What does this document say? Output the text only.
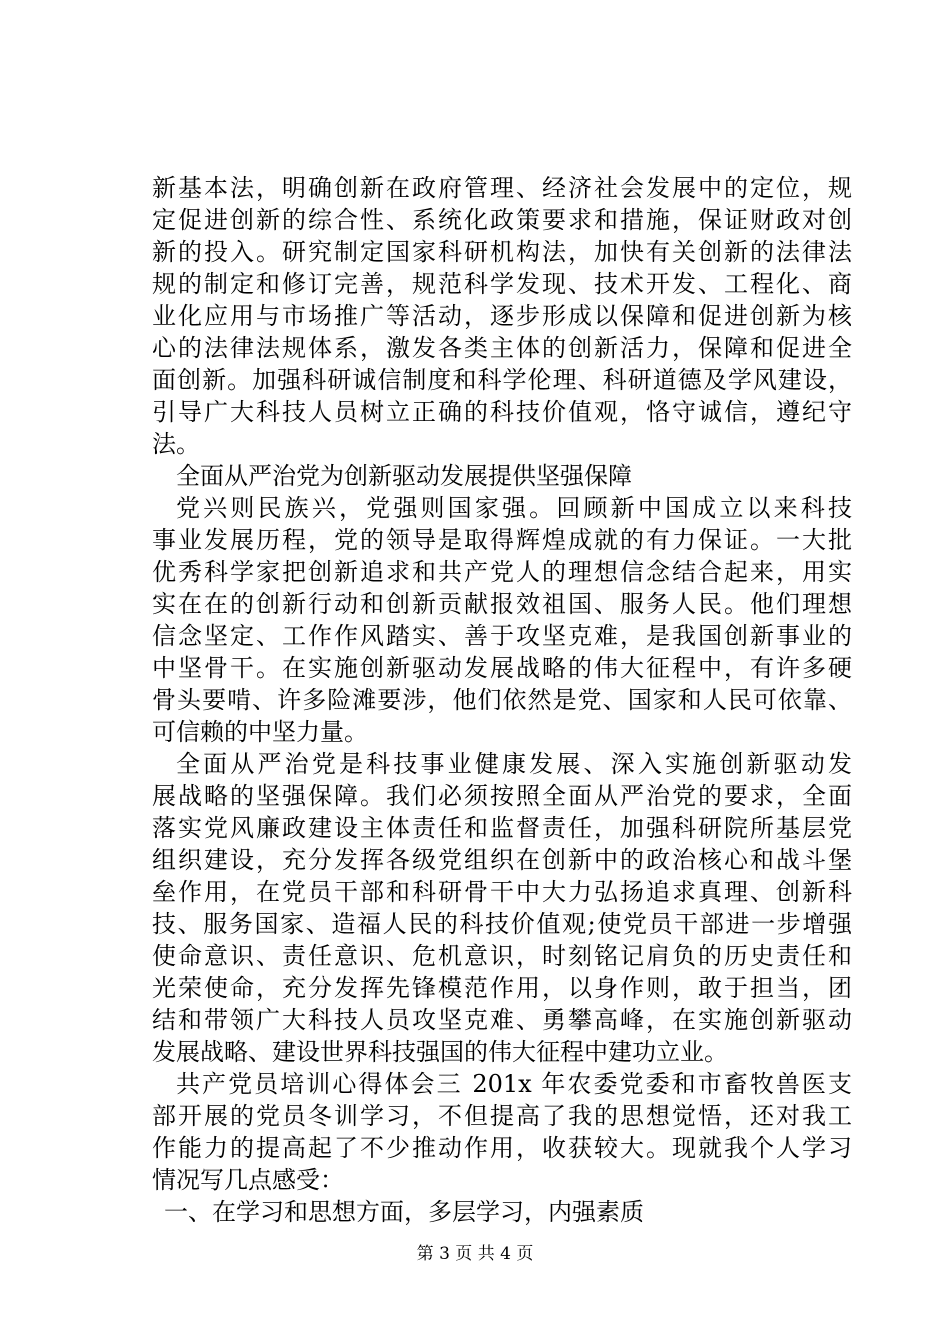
新基本法，明确创新在政府管理、经济社会发展中的定位，规
定促进创新的综合性、系统化政策要求和措施，保证财政对创
新的投入。研究制定国家科研机构法，加快有关创新的法律法
规的制定和修订完善，规范科学发现、技术开发、工程化、商
业化应用与市场推广等活动，逐步形成以保障和促进创新为核
心的法律法规体系，激发各类主体的创新活力，保障和促进全
面创新。加强科研诚信制度和科学伦理、科研道德及学风建设，
引导广大科技人员树立正确的科技价值观，恪守诚信，遵纪守
法。
全面从严治党为创新驱动发展提供坚强保障
党兴则民族兴，党强则国家强。回顾新中国成立以来科技
事业发展历程，党的领导是取得辉煌成就的有力保证。一大批
优秀科学家把创新追求和共产党人的理想信念结合起来，用实
实在在的创新行动和创新贡献报效祖国、服务人民。他们理想
信念坚定、工作作风踏实、善于攻坚克难，是我国创新事业的
中坚骨干。在实施创新驱动发展战略的伟大征程中，有许多硬
骨头要啃、许多险滩要涉，他们依然是党、国家和人民可依靠、
可信赖的中坚力量。
全面从严治党是科技事业健康发展、深入实施创新驱动发
展战略的坚强保障。我们必须按照全面从严治党的要求，全面
落实党风廉政建设主体责任和监督责任，加强科研院所基层党
组织建设，充分发挥各级党组织在创新中的政治核心和战斗堡
垒作用，在党员干部和科研骨干中大力弘扬追求真理、创新科
技、服务国家、造福人民的科技价值观;使党员干部进一步增强
使命意识、责任意识、危机意识，时刻铭记肩负的历史责任和
光荣使命，充分发挥先锋模范作用，以身作则，敢于担当，团
结和带领广大科技人员攻坚克难、勇攀高峰，在实施创新驱动
发展战略、建设世界科技强国的伟大征程中建功立业。
共产党员培训心得体会三 201x 年农委党委和市畜牧兽医支
部开展的党员冬训学习，不但提高了我的思想觉悟，还对我工
作能力的提高起了不少推动作用，收获较大。现就我个人学习
情况写几点感受：
一、在学习和思想方面，多层学习，内强素质
第 3 页 共 4 页
